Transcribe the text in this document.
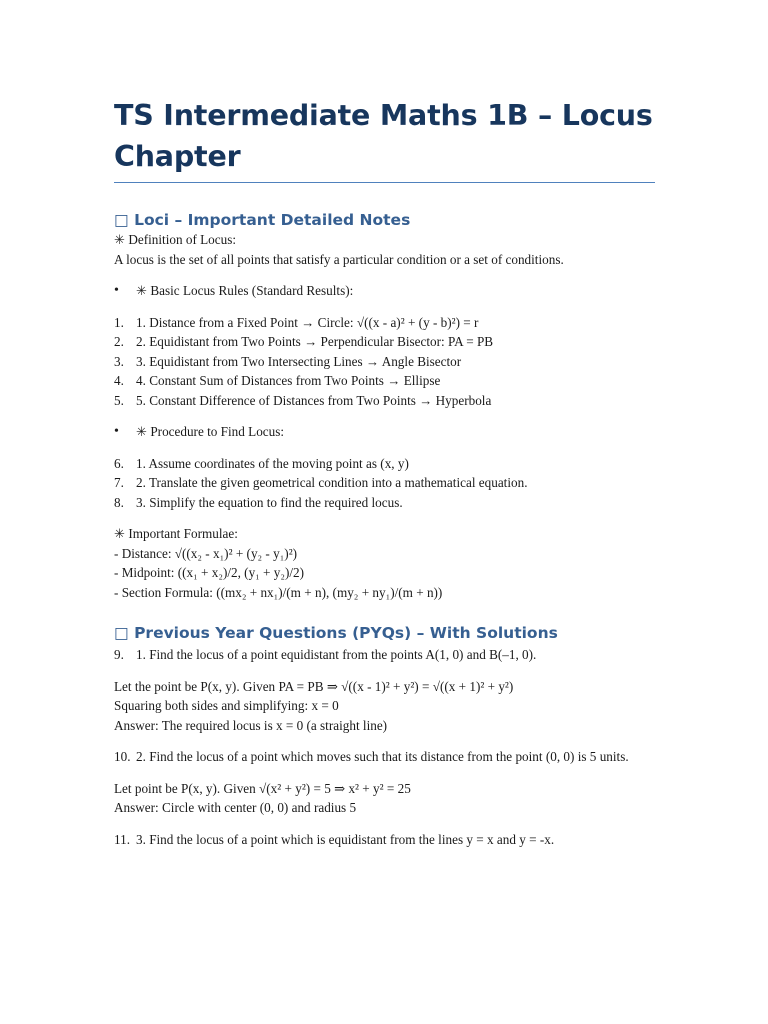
TS Intermediate Maths 1B – Locus Chapter
□ Loci – Important Detailed Notes

✳ Definition of Locus:

A locus is the set of all points that satisfy a particular condition or a set of conditions.

• ✳ Basic Locus Rules (Standard Results):
1. 1. Distance from a Fixed Point → Circle: √((x - a)² + (y - b)²) = r
2. 2. Equidistant from Two Points → Perpendicular Bisector: PA = PB
3. 3. Equidistant from Two Intersecting Lines → Angle Bisector
4. 4. Constant Sum of Distances from Two Points → Ellipse
5. 5. Constant Difference of Distances from Two Points → Hyperbola
• ✳ Procedure to Find Locus:
6. 1. Assume coordinates of the moving point as (x, y)
7. 2. Translate the given geometrical condition into a mathematical equation.
8. 3. Simplify the equation to find the required locus.

✳ Important Formulae:

- Distance: √((x₂ - x₁)² + (y₂ - y₁)²)

- Midpoint: ((x₁ + x₂)/2, (y₁ + y₂)/2)

- Section Formula: ((mx₂ + nx₁)/(m + n), (my₂ + ny₁)/(m + n))

□ Previous Year Questions (PYQs) – With Solutions
9. 1. Find the locus of a point equidistant from the points A(1, 0) and B(–1, 0).

Let the point be P(x, y). Given PA = PB ⇒ √((x - 1)² + y²) = √((x + 1)² + y²)

Squaring both sides and simplifying: x = 0

Answer: The required locus is x = 0 (a straight line)

10. 2. Find the locus of a point which moves such that its distance from the point (0, 0) is 5 units.

Let point be P(x, y). Given √(x² + y²) = 5 ⇒ x² + y² = 25

Answer: Circle with center (0, 0) and radius 5

11. 3. Find the locus of a point which is equidistant from the lines y = x and y = -x.
